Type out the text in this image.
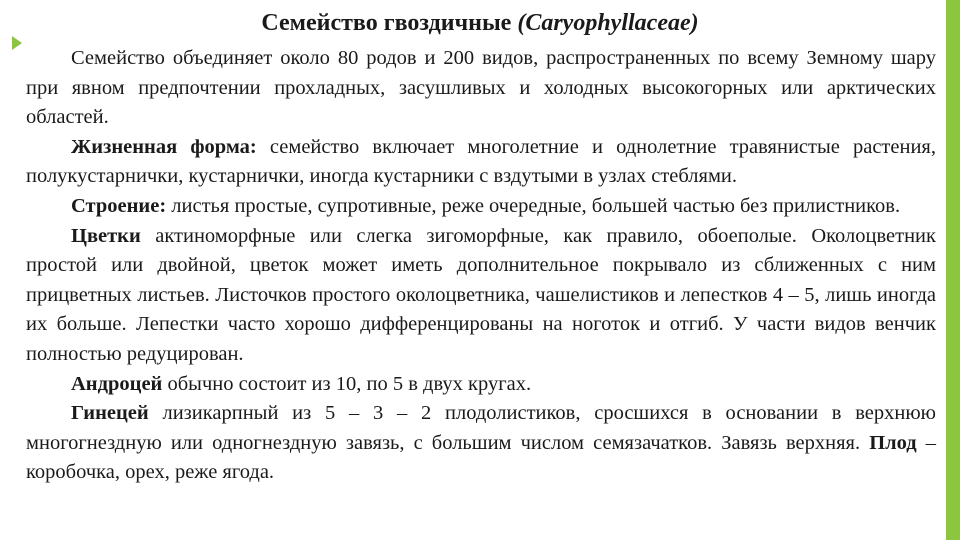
Семейство гвоздичные (Caryophyllaceae)

Семейство объединяет около 80 родов и 200 видов, распространенных по всему Земному шару при явном предпочтении прохладных, засушливых и холодных высокогорных или арктических областей.

Жизненная форма: семейство включает многолетние и однолетние травянистые растения, полукустарнички, кустарнички, иногда кустарники с вздутыми в узлах стеблями.

Строение: листья простые, супротивные, реже очередные, большей частью без прилистников.

Цветки актиноморфные или слегка зигоморфные, как правило, обоеполые. Околоцветник простой или двойной, цветок может иметь дополнительное покрывало из сближенных с ним прицветных листьев. Листочков простого околоцветника, чашелистиков и лепестков 4 – 5, лишь иногда их больше. Лепестки часто хорошо дифференцированы на ноготок и отгиб. У части видов венчик полностью редуцирован.

Андроцей обычно состоит из 10, по 5 в двух кругах.

Гинецей лизикарпный из 5 – 3 – 2 плодолистиков, сросшихся в основании в верхнюю многогнездную или одногнездную завязь, с большим числом семязачатков. Завязь верхняя. Плод – коробочка, орех, реже ягода.
